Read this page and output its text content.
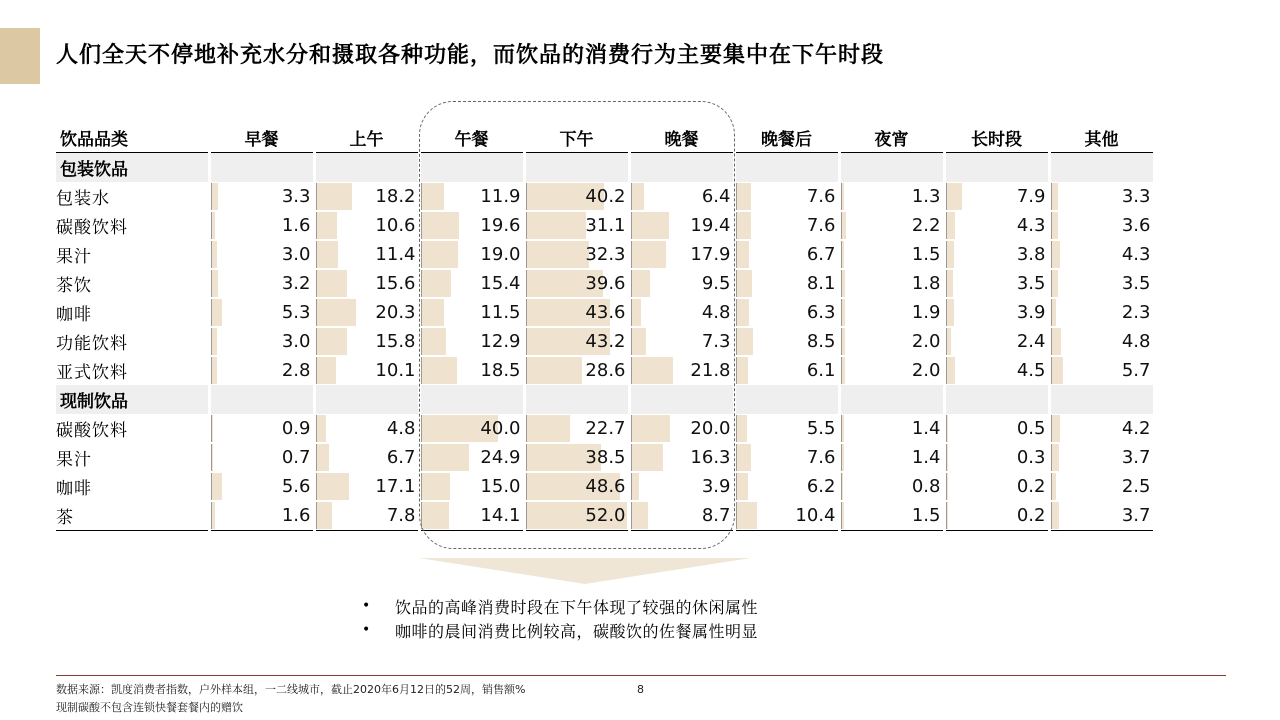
人们全天不停地补充水分和摄取各种功能，而饮品的消费行为主要集中在下午时段
饮品品类	早餐	上午	午餐	下午	晚餐	晚餐后	夜宵	长时段	其他
包装饮品									
包装水	3.3	18.2	11.9	40.2	6.4	7.6	1.3	7.9	3.3
碳酸饮料	1.6	10.6	19.6	31.1	19.4	7.6	2.2	4.3	3.6
果汁	3.0	11.4	19.0	32.3	17.9	6.7	1.5	3.8	4.3
茶饮	3.2	15.6	15.4	39.6	9.5	8.1	1.8	3.5	3.5
咖啡	5.3	20.3	11.5	43.6	4.8	6.3	1.9	3.9	2.3
功能饮料	3.0	15.8	12.9	43.2	7.3	8.5	2.0	2.4	4.8
亚式饮料	2.8	10.1	18.5	28.6	21.8	6.1	2.0	4.5	5.7
现制饮品									
碳酸饮料	0.9	4.8	40.0	22.7	20.0	5.5	1.4	0.5	4.2
果汁	0.7	6.7	24.9	38.5	16.3	7.6	1.4	0.3	3.7
咖啡	5.6	17.1	15.0	48.6	3.9	6.2	0.8	0.2	2.5
茶	1.6	7.8	14.1	52.0	8.7	10.4	1.5	0.2	3.7
•	饮品的高峰消费时段在下午体现了较强的休闲属性
•	咖啡的晨间消费比例较高，碳酸饮的佐餐属性明显
数据来源：凯度消费者指数，户外样本组，一二线城市，截止2020年6月12日的52周，销售额%
现制碳酸不包含连锁快餐套餐内的赠饮
8
